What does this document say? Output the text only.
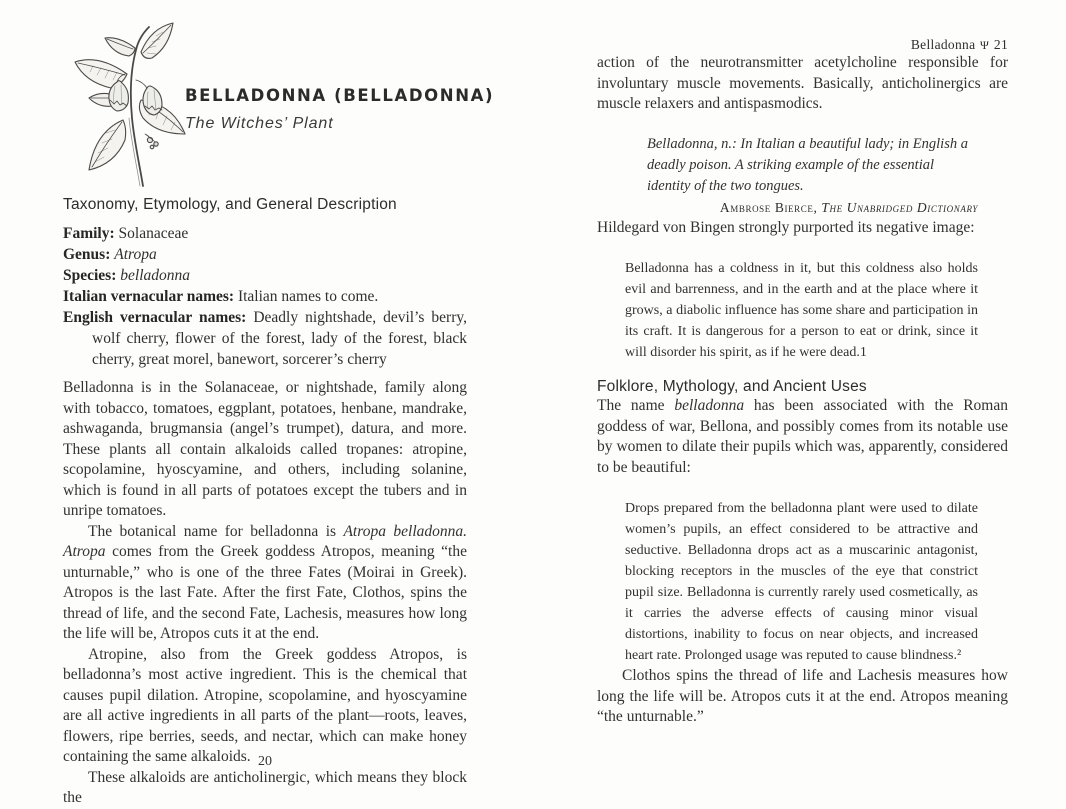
BELLADONNA (BELLADONNA)
The Witches’ Plant
Taxonomy, Etymology, and General Description
Family: Solanaceae
Genus: Atropa
Species: belladonna
Italian vernacular names: Italian names to come.
English vernacular names: Deadly nightshade, devil’s berry, wolf cherry, flower of the forest, lady of the forest, black cherry, great morel, banewort, sorcerer’s cherry

Belladonna is in the Solanaceae, or nightshade, family along with tobacco, tomatoes, eggplant, potatoes, henbane, mandrake, ashwaganda, brugmansia (angel’s trumpet), datura, and more. These plants all contain alkaloids called tropanes: atropine, scopolamine, hyoscyamine, and others, including solanine, which is found in all parts of potatoes except the tubers and in unripe tomatoes.

The botanical name for belladonna is Atropa belladonna. Atropa comes from the Greek goddess Atropos, meaning “the unturnable,” who is one of the three Fates (Moirai in Greek). Atropos is the last Fate. After the first Fate, Clothos, spins the thread of life, and the second Fate, Lachesis, measures how long the life will be, Atropos cuts it at the end.

Atropine, also from the Greek goddess Atropos, is belladonna’s most active ingredient. This is the chemical that causes pupil dilation. Atropine, scopolamine, and hyoscyamine are all active ingredients in all parts of the plant—roots, leaves, flowers, ripe berries, seeds, and nectar, which can make honey containing the same alkaloids.

These alkaloids are anticholinergic, which means they block the

20
Belladonna Ψ 21

action of the neurotransmitter acetylcholine responsible for involuntary muscle movements. Basically, anticholinergics are muscle relaxers and antispasmodics.

Belladonna, n.: In Italian a beautiful lady; in English a deadly poison. A striking example of the essential identity of the two tongues.
Ambrose Bierce, The Unabridged Dictionary

Hildegard von Bingen strongly purported its negative image:

Belladonna has a coldness in it, but this coldness also holds evil and barrenness, and in the earth and at the place where it grows, a diabolic influence has some share and participation in its craft. It is dangerous for a person to eat or drink, since it will disorder his spirit, as if he were dead.1
Folklore, Mythology, and Ancient Uses

The name belladonna has been associated with the Roman goddess of war, Bellona, and possibly comes from its notable use by women to dilate their pupils which was, apparently, considered to be beautiful:

Drops prepared from the belladonna plant were used to dilate women’s pupils, an effect considered to be attractive and seductive. Belladonna drops act as a muscarinic antagonist, blocking receptors in the muscles of the eye that constrict pupil size. Belladonna is currently rarely used cosmetically, as it carries the adverse effects of causing minor visual distortions, inability to focus on near objects, and increased heart rate. Prolonged usage was reputed to cause blindness.²

Clothos spins the thread of life and Lachesis measures how long the life will be. Atropos cuts it at the end. Atropos meaning “the unturnable.”
